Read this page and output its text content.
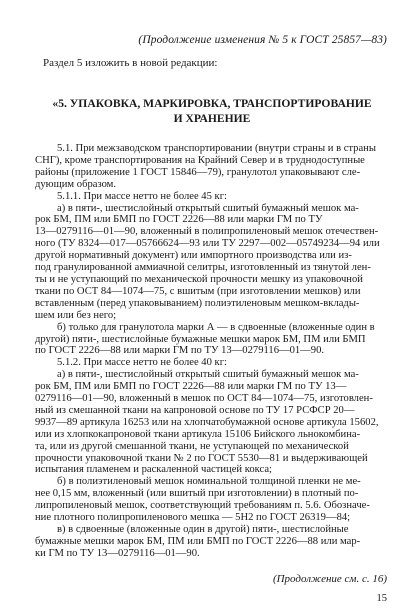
(Продолжение изменения № 5 к ГОСТ 25857—83)
Раздел 5 изложить в новой редакции:
«5. УПАКОВКА, МАРКИРОВКА, ТРАНСПОРТИРОВАНИЕ
И ХРАНЕНИЕ
5.1. При межзаводском транспортировании (внутри страны и в страны
СНГ), кроме транспортирования на Крайний Север и в труднодоступные
районы (приложение 1 ГОСТ 15846—79), гранулотол упаковывают сле-
дующим образом.
5.1.1. При массе нетто не более 45 кг:
а) в пяти-, шестислойный открытый сшитый бумажный мешок ма-
рок БМ, ПМ или БМП по ГОСТ 2226—88 или марки ГМ по ТУ
13—0279116—01—90, вложенный в полипропиленовый мешок отечествен-
ного (ТУ 8324—017—05766624—93 или ТУ 2297—002—05749234—94 или
другой нормативный документ) или импортного производства или из-
под гранулированной аммиачной селитры, изготовленный из тянутой лен-
ты и не уступающий по механической прочности мешку из упаковочной
ткани по ОСТ 84—1074—75, с вшитым (при изготовлении мешков) или
вставленным (перед упаковыванием) полиэтиленовым мешком-вклады-
шем или без него;
б) только для гранулотола марки А — в сдвоенные (вложенные один в
другой) пяти-, шестислойные бумажные мешки марок БМ, ПМ или БМП
по ГОСТ 2226—88 или марки ГМ по ТУ 13—0279116—01—90.
5.1.2. При массе нетто не более 40 кг:
а) в пяти-, шестислойный открытый сшитый бумажный мешок ма-
рок БМ, ПМ или БМП по ГОСТ 2226—88 или марки ГМ по ТУ 13—
0279116—01—90, вложенный в мешок по ОСТ 84—1074—75, изготовлен-
ный из смешанной ткани на капроновой основе по ТУ 17 РСФСР 20—
9937—89 артикула 16253 или на хлопчатобумажной основе артикула 15602,
или из хлопкокапроновой ткани артикула 15106 Бийского льнокомбина-
та, или из другой смешанной ткани, не уступающей по механической
прочности упаковочной ткани № 2 по ГОСТ 5530—81 и выдерживающей
испытания пламенем и раскаленной частицей кокса;
б) в полиэтиленовый мешок номинальной толщиной пленки не ме-
нее 0,15 мм, вложенный (или вшитый при изготовлении) в плотный по-
липропиленовый мешок, соответствующий требованиям п. 5.6. Обозначе-
ние плотного полипропиленового мешка — 5Н2 по ГОСТ 26319—84;
в) в сдвоенные (вложенные один в другой) пяти-, шестислойные
бумажные мешки марок БМ, ПМ или БМП по ГОСТ 2226—88 или мар-
ки ГМ по ТУ 13—0279116—01—90.
(Продолжение см. с. 16)
15
